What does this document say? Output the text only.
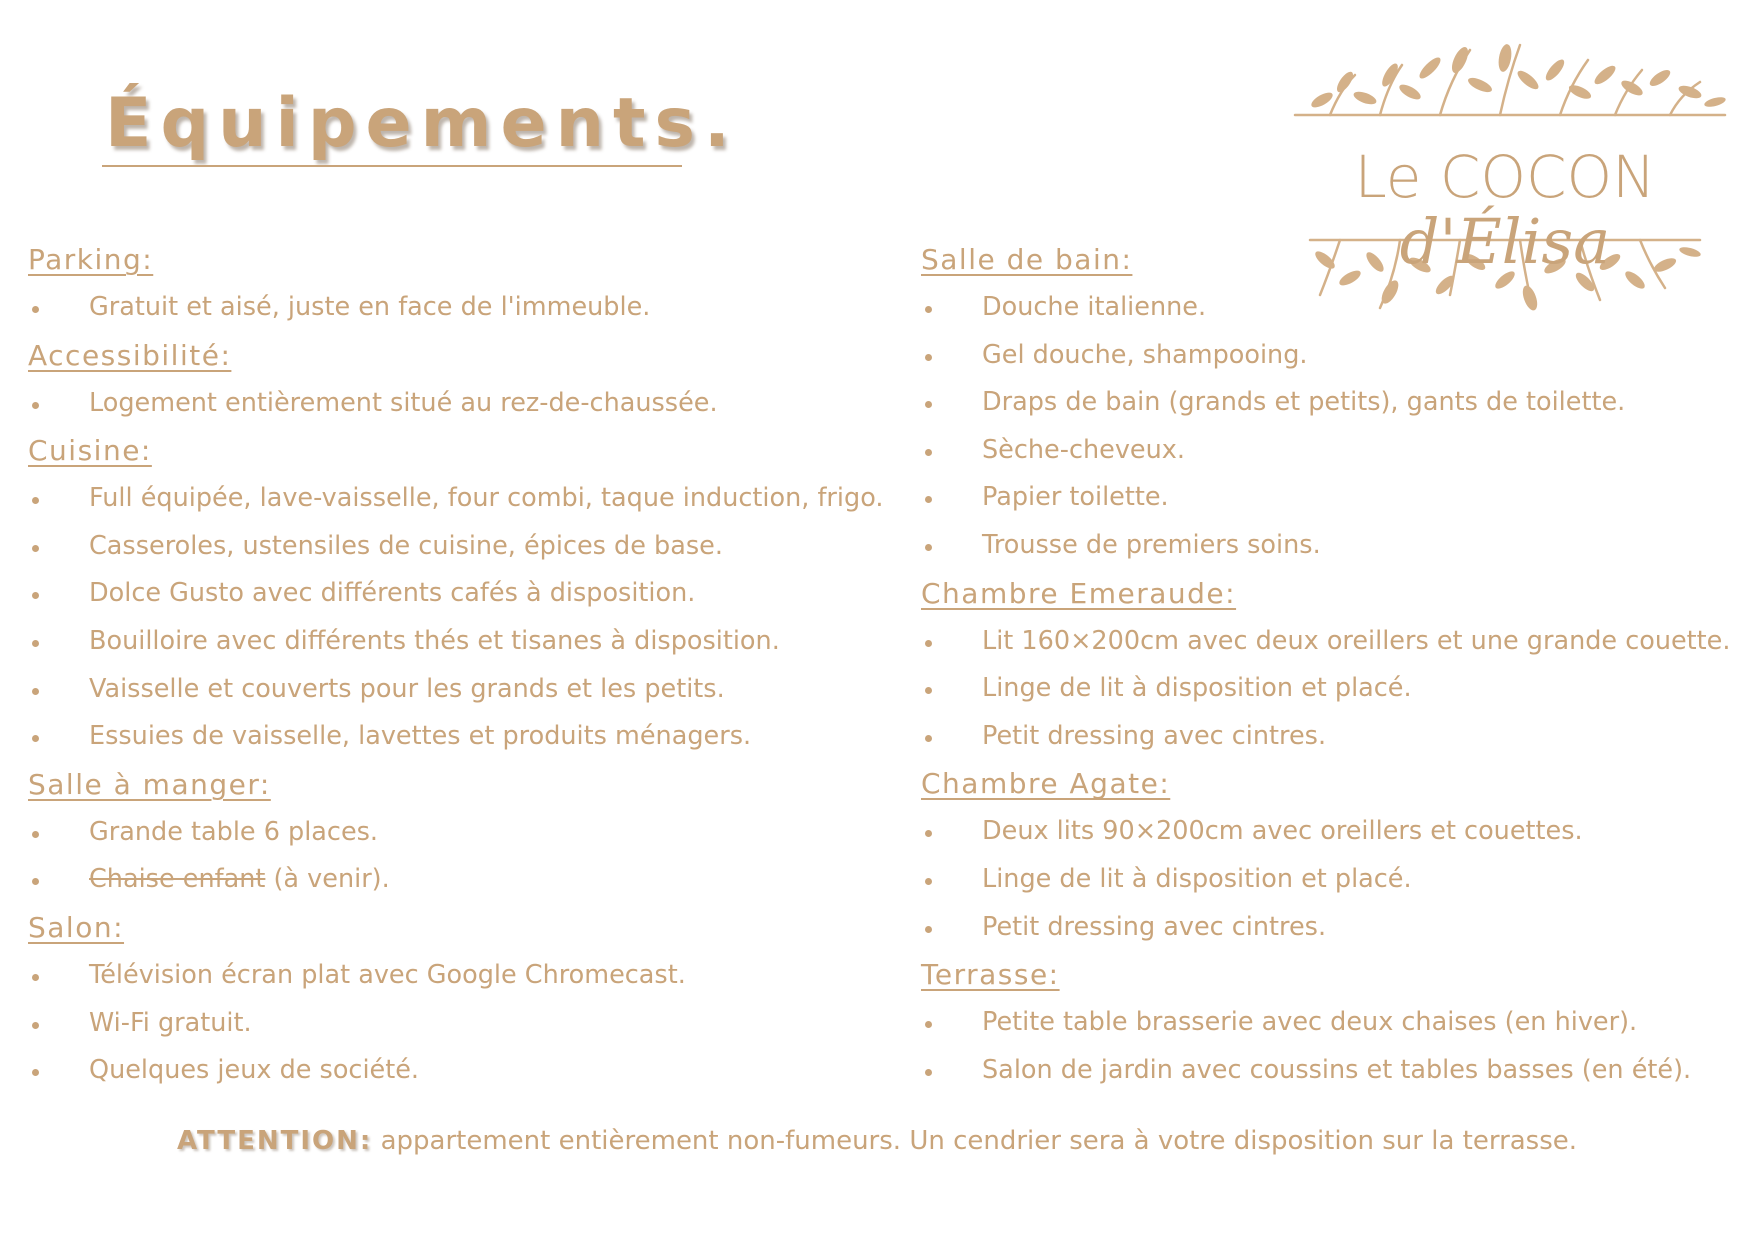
Équipements.
Le COCON
d'Élisa
Parking:
Gratuit et aisé, juste en face de l'immeuble.
Accessibilité:
Logement entièrement situé au rez-de-chaussée.
Cuisine:
Full équipée, lave-vaisselle, four combi, taque induction, frigo.
Casseroles, ustensiles de cuisine, épices de base.
Dolce Gusto avec différents cafés à disposition.
Bouilloire avec différents thés et tisanes à disposition.
Vaisselle et couverts pour les grands et les petits.
Essuies de vaisselle, lavettes et produits ménagers.
Salle à manger:
Grande table 6 places.
Chaise enfant (à venir).
Salon:
Télévision écran plat avec Google Chromecast.
Wi-Fi gratuit.
Quelques jeux de société.
Salle de bain:
Douche italienne.
Gel douche, shampooing.
Draps de bain (grands et petits), gants de toilette.
Sèche-cheveux.
Papier toilette.
Trousse de premiers soins.
Chambre Emeraude:
Lit 160×200cm avec deux oreillers et une grande couette.
Linge de lit à disposition et placé.
Petit dressing avec cintres.
Chambre Agate:
Deux lits 90×200cm avec oreillers et couettes.
Linge de lit à disposition et placé.
Petit dressing avec cintres.
Terrasse:
Petite table brasserie avec deux chaises (en hiver).
Salon de jardin avec coussins et tables basses (en été).
ATTENTION: appartement entièrement non-fumeurs. Un cendrier sera à votre disposition sur la terrasse.
